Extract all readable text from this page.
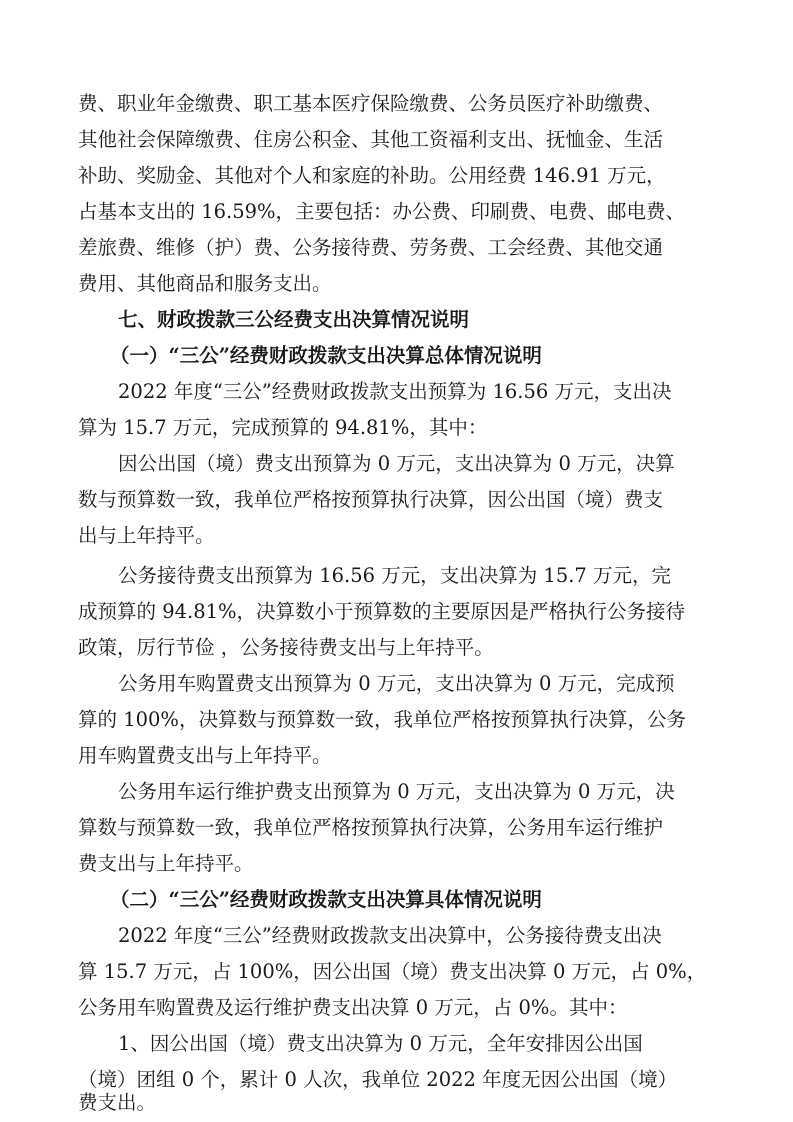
费、职业年金缴费、职工基本医疗保险缴费、公务员医疗补助缴费、
其他社会保障缴费、住房公积金、其他工资福利支出、抚恤金、生活
补助、奖励金、其他对个人和家庭的补助。公用经费 146.91 万元，
占基本支出的 16.59%，主要包括：办公费、印刷费、电费、邮电费、
差旅费、维修（护）费、公务接待费、劳务费、工会经费、其他交通
费用、其他商品和服务支出。
七、财政拨款三公经费支出决算情况说明
（一）“三公”经费财政拨款支出决算总体情况说明
2022 年度“三公”经费财政拨款支出预算为 16.56 万元，支出决
算为 15.7 万元，完成预算的 94.81%，其中：
因公出国（境）费支出预算为 0 万元，支出决算为 0 万元，决算
数与预算数一致，我单位严格按预算执行决算，因公出国（境）费支
出与上年持平。
公务接待费支出预算为 16.56 万元，支出决算为 15.7 万元，完
成预算的 94.81%，决算数小于预算数的主要原因是严格执行公务接待
政策，厉行节俭 ，公务接待费支出与上年持平。
公务用车购置费支出预算为 0 万元，支出决算为 0 万元，完成预
算的 100%，决算数与预算数一致，我单位严格按预算执行决算，公务
用车购置费支出与上年持平。
公务用车运行维护费支出预算为 0 万元，支出决算为 0 万元，决
算数与预算数一致，我单位严格按预算执行决算，公务用车运行维护
费支出与上年持平。
（二）“三公”经费财政拨款支出决算具体情况说明
2022 年度“三公”经费财政拨款支出决算中，公务接待费支出决
算 15.7 万元，占 100%，因公出国（境）费支出决算 0 万元，占 0%，
公务用车购置费及运行维护费支出决算 0 万元，占 0%。其中：
1、因公出国（境）费支出决算为 0 万元，全年安排因公出国
（境）团组 0 个，累计 0 人次，我单位 2022 年度无因公出国（境）
费支出。
